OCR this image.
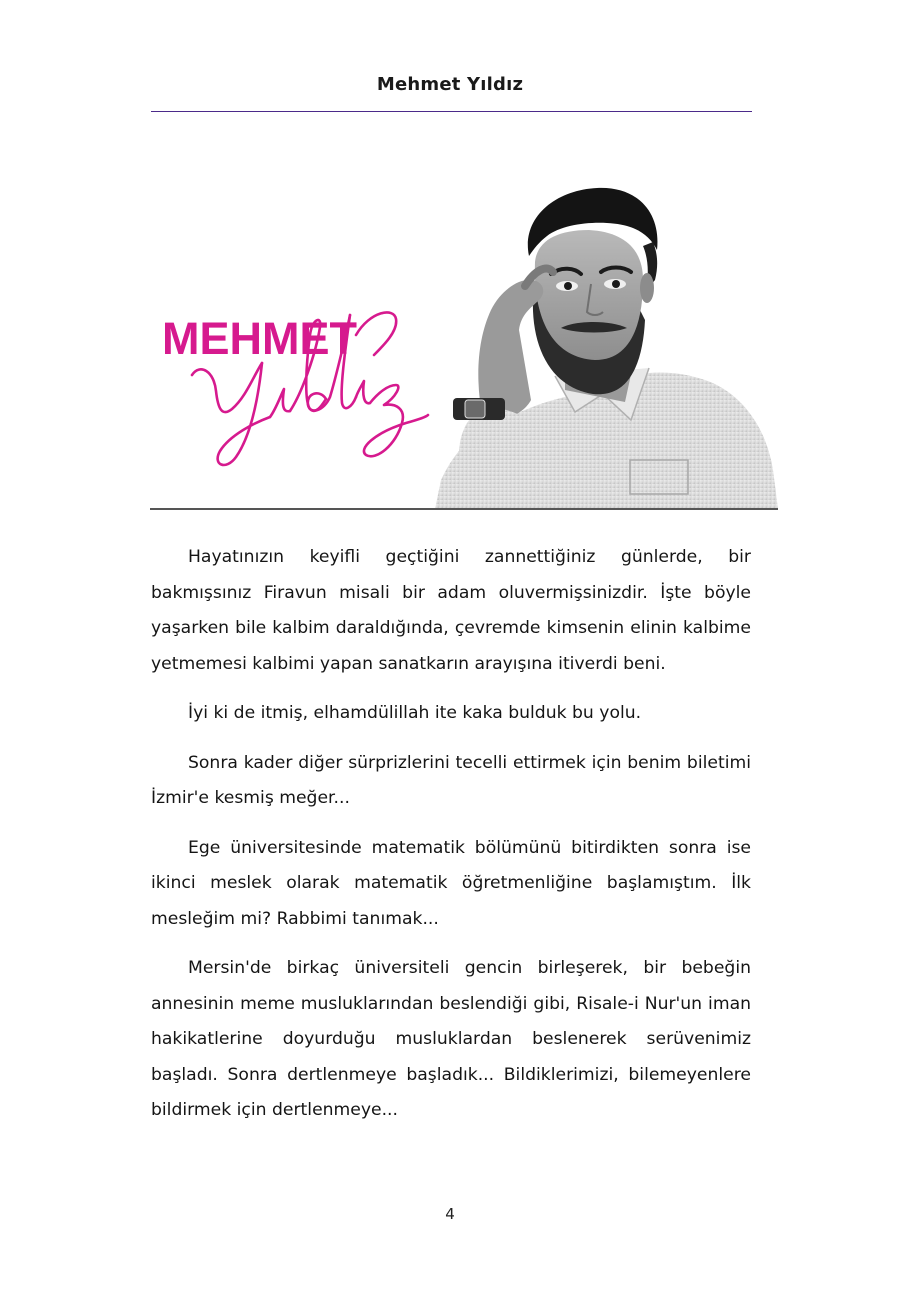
Mehmet Yıldız
MEHMET

Hayatınızın keyifli geçtiğini zannettiğiniz günlerde, bir bakmışsınız Firavun misali bir adam oluvermişsinizdir. İşte böyle yaşarken bile kalbim daraldığında, çevremde kimsenin elinin kalbime yetmemesi kalbimi yapan sanatkarın arayışına itiverdi beni.

İyi ki de itmiş, elhamdülillah ite kaka bulduk bu yolu.

Sonra kader diğer sürprizlerini tecelli ettirmek için benim biletimi İzmir'e kesmiş meğer...

Ege üniversitesinde matematik bölümünü bitirdikten sonra ise ikinci meslek olarak matematik öğretmenliğine başlamıştım. İlk mesleğim mi? Rabbimi tanımak...

Mersin'de birkaç üniversiteli gencin birleşerek, bir bebeğin annesinin meme musluklarından beslendiği gibi, Risale-i Nur'un iman hakikatlerine doyurduğu musluklardan beslenerek serüvenimiz başladı. Sonra dertlenmeye başladık... Bildiklerimizi, bilemeyenlere bildirmek için dertlenmeye...

4
